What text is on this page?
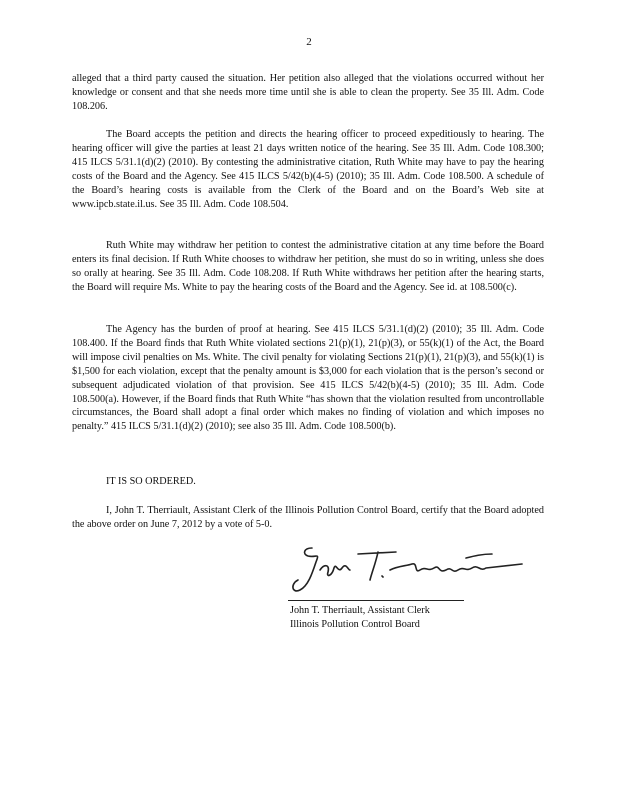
2

alleged that a third party caused the situation. Her petition also alleged that the violations occurred without her knowledge or consent and that she needs more time until she is able to clean the property. See 35 Ill. Adm. Code 108.206.

The Board accepts the petition and directs the hearing officer to proceed expeditiously to hearing. The hearing officer will give the parties at least 21 days written notice of the hearing. See 35 Ill. Adm. Code 108.300; 415 ILCS 5/31.1(d)(2) (2010). By contesting the administrative citation, Ruth White may have to pay the hearing costs of the Board and the Agency. See 415 ILCS 5/42(b)(4-5) (2010); 35 Ill. Adm. Code 108.500. A schedule of the Board’s hearing costs is available from the Clerk of the Board and on the Board’s Web site at www.ipcb.state.il.us. See 35 Ill. Adm. Code 108.504.

Ruth White may withdraw her petition to contest the administrative citation at any time before the Board enters its final decision. If Ruth White chooses to withdraw her petition, she must do so in writing, unless she does so orally at hearing. See 35 Ill. Adm. Code 108.208. If Ruth White withdraws her petition after the hearing starts, the Board will require Ms. White to pay the hearing costs of the Board and the Agency. See id. at 108.500(c).

The Agency has the burden of proof at hearing. See 415 ILCS 5/31.1(d)(2) (2010); 35 Ill. Adm. Code 108.400. If the Board finds that Ruth White violated sections 21(p)(1), 21(p)(3), or 55(k)(1) of the Act, the Board will impose civil penalties on Ms. White. The civil penalty for violating Sections 21(p)(1), 21(p)(3), and 55(k)(1) is $1,500 for each violation, except that the penalty amount is $3,000 for each violation that is the person’s second or subsequent adjudicated violation of that provision. See 415 ILCS 5/42(b)(4-5) (2010); 35 Ill. Adm. Code 108.500(a). However, if the Board finds that Ruth White “has shown that the violation resulted from uncontrollable circumstances, the Board shall adopt a final order which makes no finding of violation and which imposes no penalty.” 415 ILCS 5/31.1(d)(2) (2010); see also 35 Ill. Adm. Code 108.500(b).

IT IS SO ORDERED.

I, John T. Therriault, Assistant Clerk of the Illinois Pollution Control Board, certify that the Board adopted the above order on June 7, 2012 by a vote of 5-0.

John T. Therriault, Assistant Clerk

Illinois Pollution Control Board
